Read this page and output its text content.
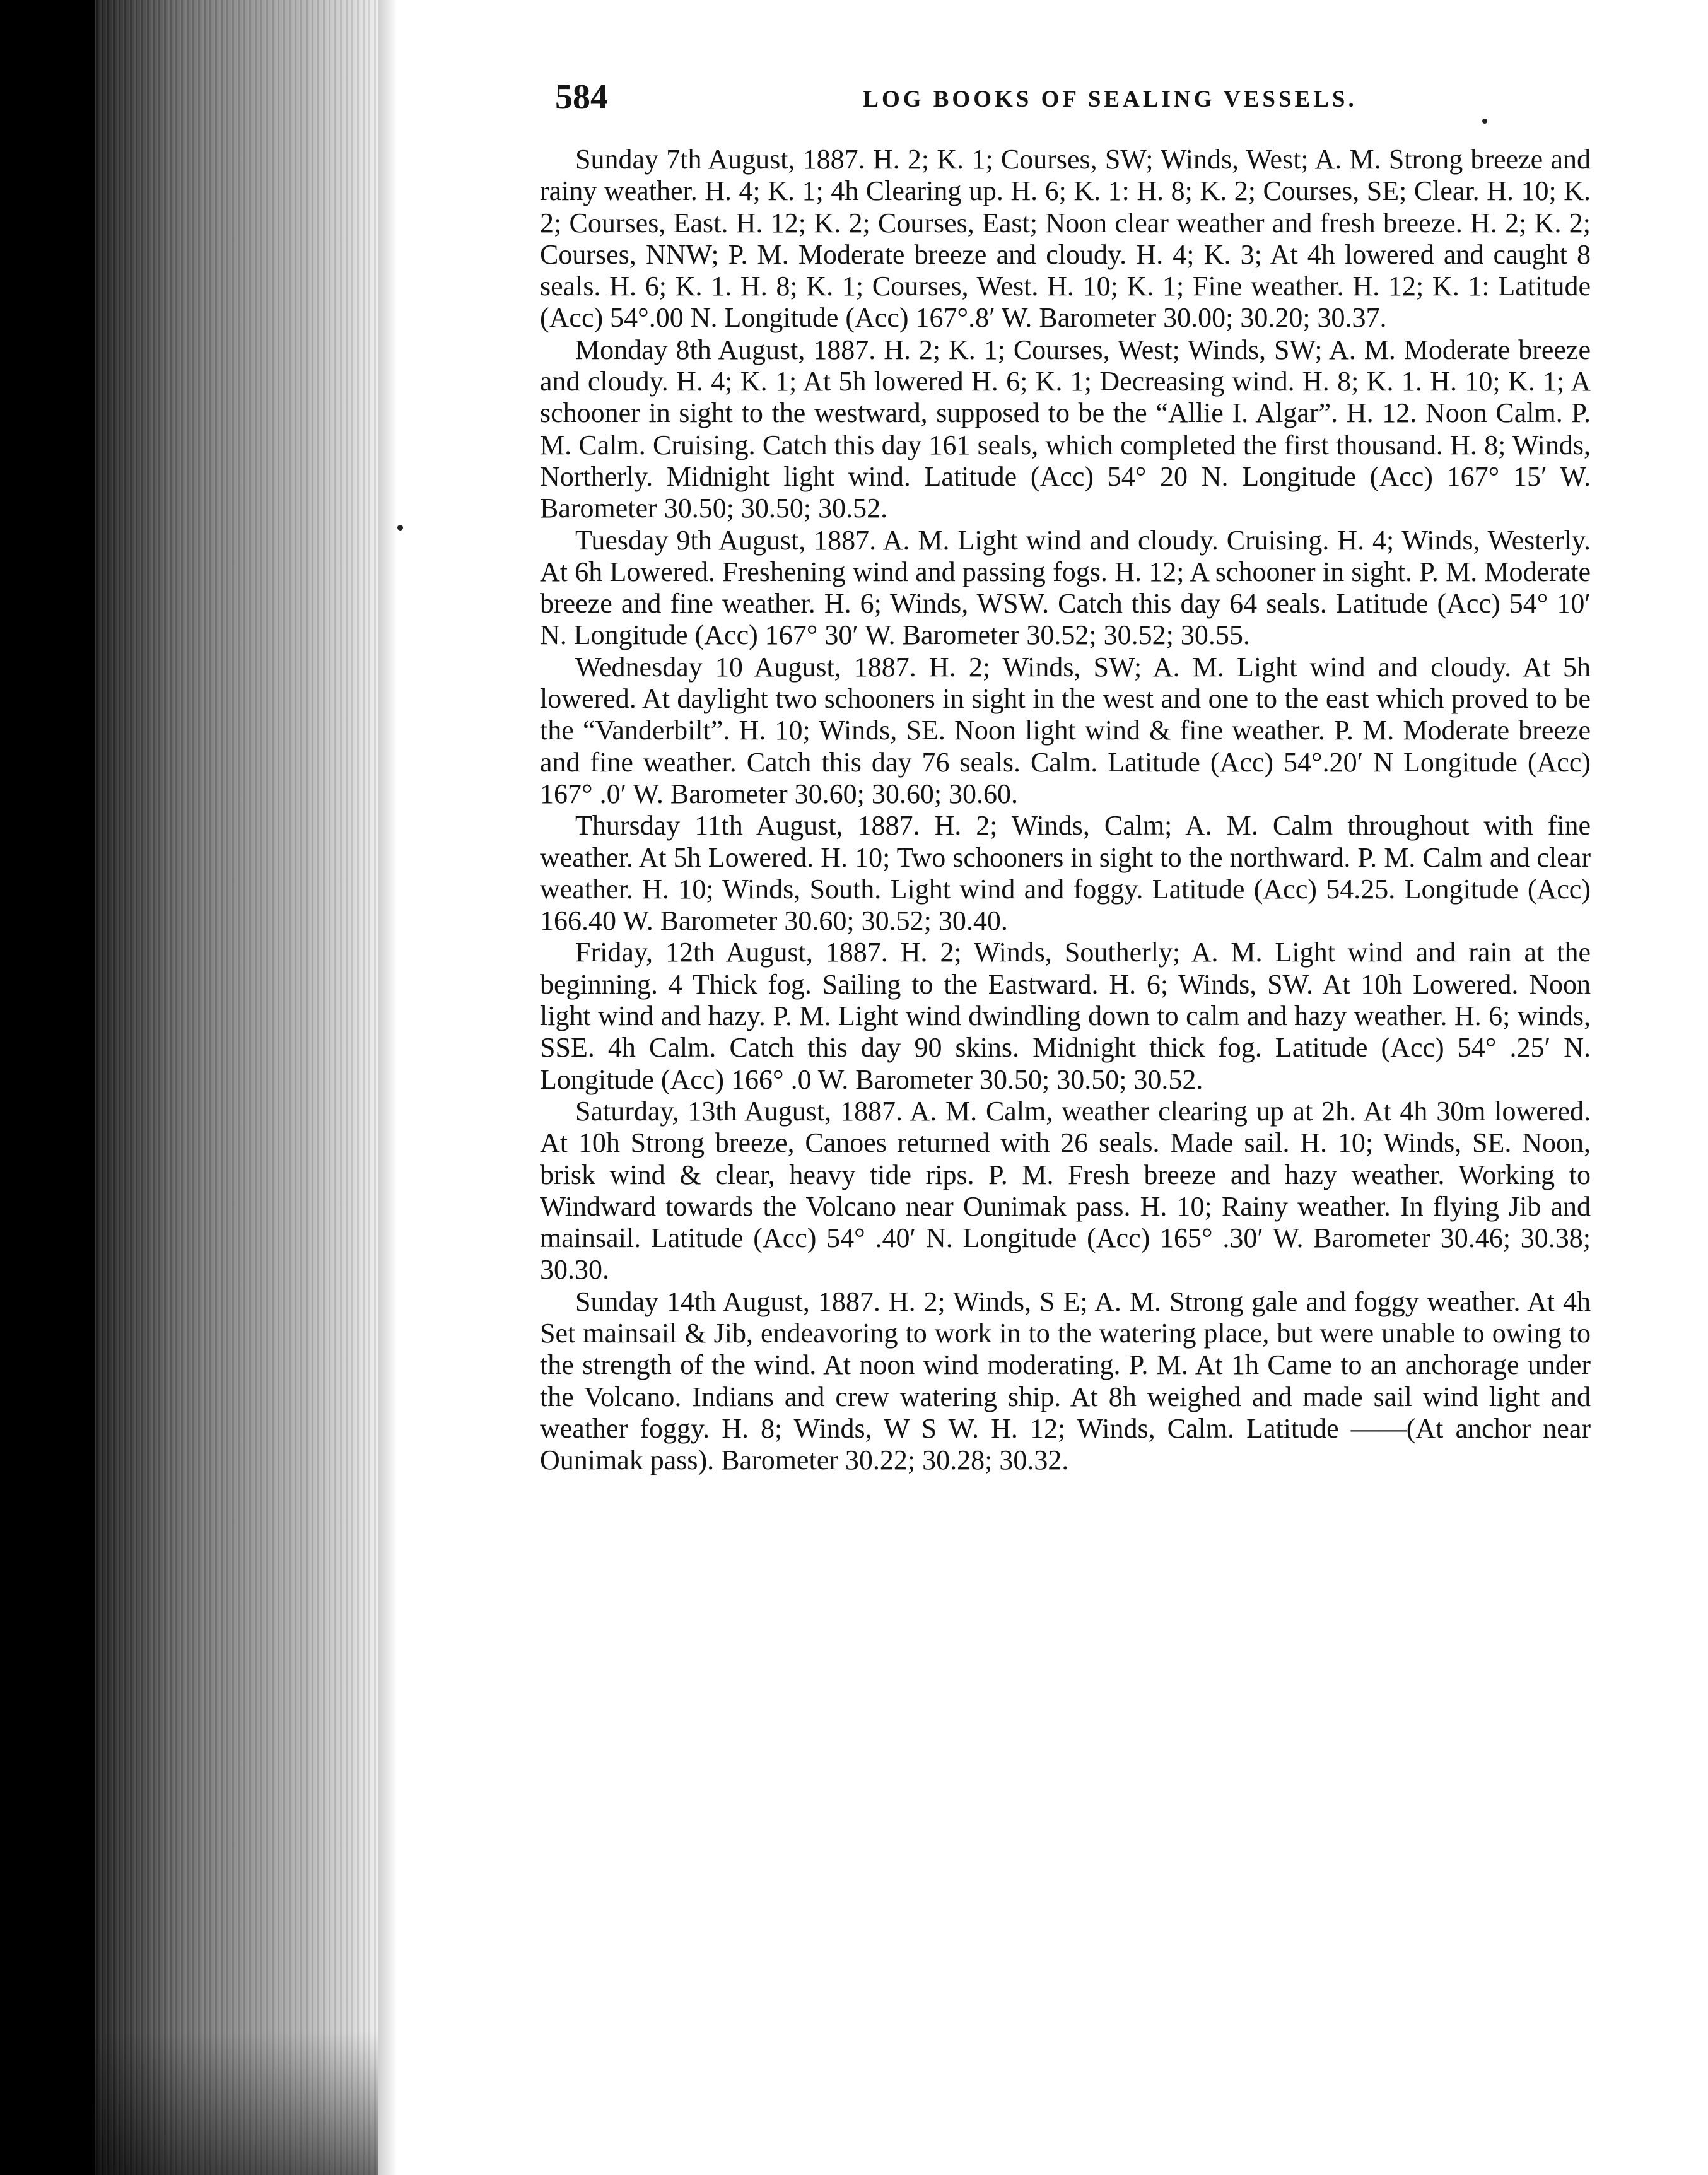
584	LOG BOOKS OF SEALING VESSELS.

Sunday 7th August, 1887. H. 2; K. 1; Courses, SW; Winds, West; A. M. Strong breeze and rainy weather. H. 4; K. 1; 4h Clearing up. H. 6; K. 1: H. 8; K. 2; Courses, SE; Clear. H. 10; K. 2; Courses, East. H. 12; K. 2; Courses, East; Noon clear weather and fresh breeze. H. 2; K. 2; Courses, NNW; P. M. Moderate breeze and cloudy. H. 4; K. 3; At 4h lowered and caught 8 seals. H. 6; K. 1. H. 8; K. 1; Courses, West. H. 10; K. 1; Fine weather. H. 12; K. 1: Latitude (Acc) 54°.00 N. Longitude (Acc) 167°.8′ W. Barometer 30.00; 30.20; 30.37.

Monday 8th August, 1887. H. 2; K. 1; Courses, West; Winds, SW; A. M. Moderate breeze and cloudy. H. 4; K. 1; At 5h lowered H. 6; K. 1; Decreasing wind. H. 8; K. 1. H. 10; K. 1; A schooner in sight to the westward, supposed to be the “Allie I. Algar”. H. 12. Noon Calm. P. M. Calm. Cruising. Catch this day 161 seals, which completed the first thousand. H. 8; Winds, Northerly. Midnight light wind. Latitude (Acc) 54° 20 N. Longitude (Acc) 167° 15′ W. Barometer 30.50; 30.50; 30.52.

Tuesday 9th August, 1887. A. M. Light wind and cloudy. Cruising. H. 4; Winds, Westerly. At 6h Lowered. Freshening wind and passing fogs. H. 12; A schooner in sight. P. M. Moderate breeze and fine weather. H. 6; Winds, WSW. Catch this day 64 seals. Latitude (Acc) 54° 10′ N. Longitude (Acc) 167° 30′ W. Barometer 30.52; 30.52; 30.55.

Wednesday 10 August, 1887. H. 2; Winds, SW; A. M. Light wind and cloudy. At 5h lowered. At daylight two schooners in sight in the west and one to the east which proved to be the “Vanderbilt”. H. 10; Winds, SE. Noon light wind & fine weather. P. M. Moderate breeze and fine weather. Catch this day 76 seals. Calm. Latitude (Acc) 54°.20′ N Longitude (Acc) 167° .0′ W. Barometer 30.60; 30.60; 30.60.

Thursday 11th August, 1887. H. 2; Winds, Calm; A. M. Calm throughout with fine weather. At 5h Lowered. H. 10; Two schooners in sight to the northward. P. M. Calm and clear weather. H. 10; Winds, South. Light wind and foggy. Latitude (Acc) 54.25. Longitude (Acc) 166.40 W. Barometer 30.60; 30.52; 30.40.

Friday, 12th August, 1887. H. 2; Winds, Southerly; A. M. Light wind and rain at the beginning. 4 Thick fog. Sailing to the Eastward. H. 6; Winds, SW. At 10h Lowered. Noon light wind and hazy. P. M. Light wind dwindling down to calm and hazy weather. H. 6; winds, SSE. 4h Calm. Catch this day 90 skins. Midnight thick fog. Latitude (Acc) 54° .25′ N. Longitude (Acc) 166° .0 W. Barometer 30.50; 30.50; 30.52.

Saturday, 13th August, 1887. A. M. Calm, weather clearing up at 2h. At 4h 30m lowered. At 10h Strong breeze, Canoes returned with 26 seals. Made sail. H. 10; Winds, SE. Noon, brisk wind & clear, heavy tide rips. P. M. Fresh breeze and hazy weather. Working to Windward towards the Volcano near Ounimak pass. H. 10; Rainy weather. In flying Jib and mainsail. Latitude (Acc) 54° .40′ N. Longitude (Acc) 165° .30′ W. Barometer 30.46; 30.38; 30.30.

Sunday 14th August, 1887. H. 2; Winds, S E; A. M. Strong gale and foggy weather. At 4h Set mainsail & Jib, endeavoring to work in to the watering place, but were unable to owing to the strength of the wind. At noon wind moderating. P. M. At 1h Came to an anchorage under the Volcano. Indians and crew watering ship. At 8h weighed and made sail wind light and weather foggy. H. 8; Winds, W S W. H. 12; Winds, Calm. Latitude ——(At anchor near Ounimak pass). Barometer 30.22; 30.28; 30.32.
